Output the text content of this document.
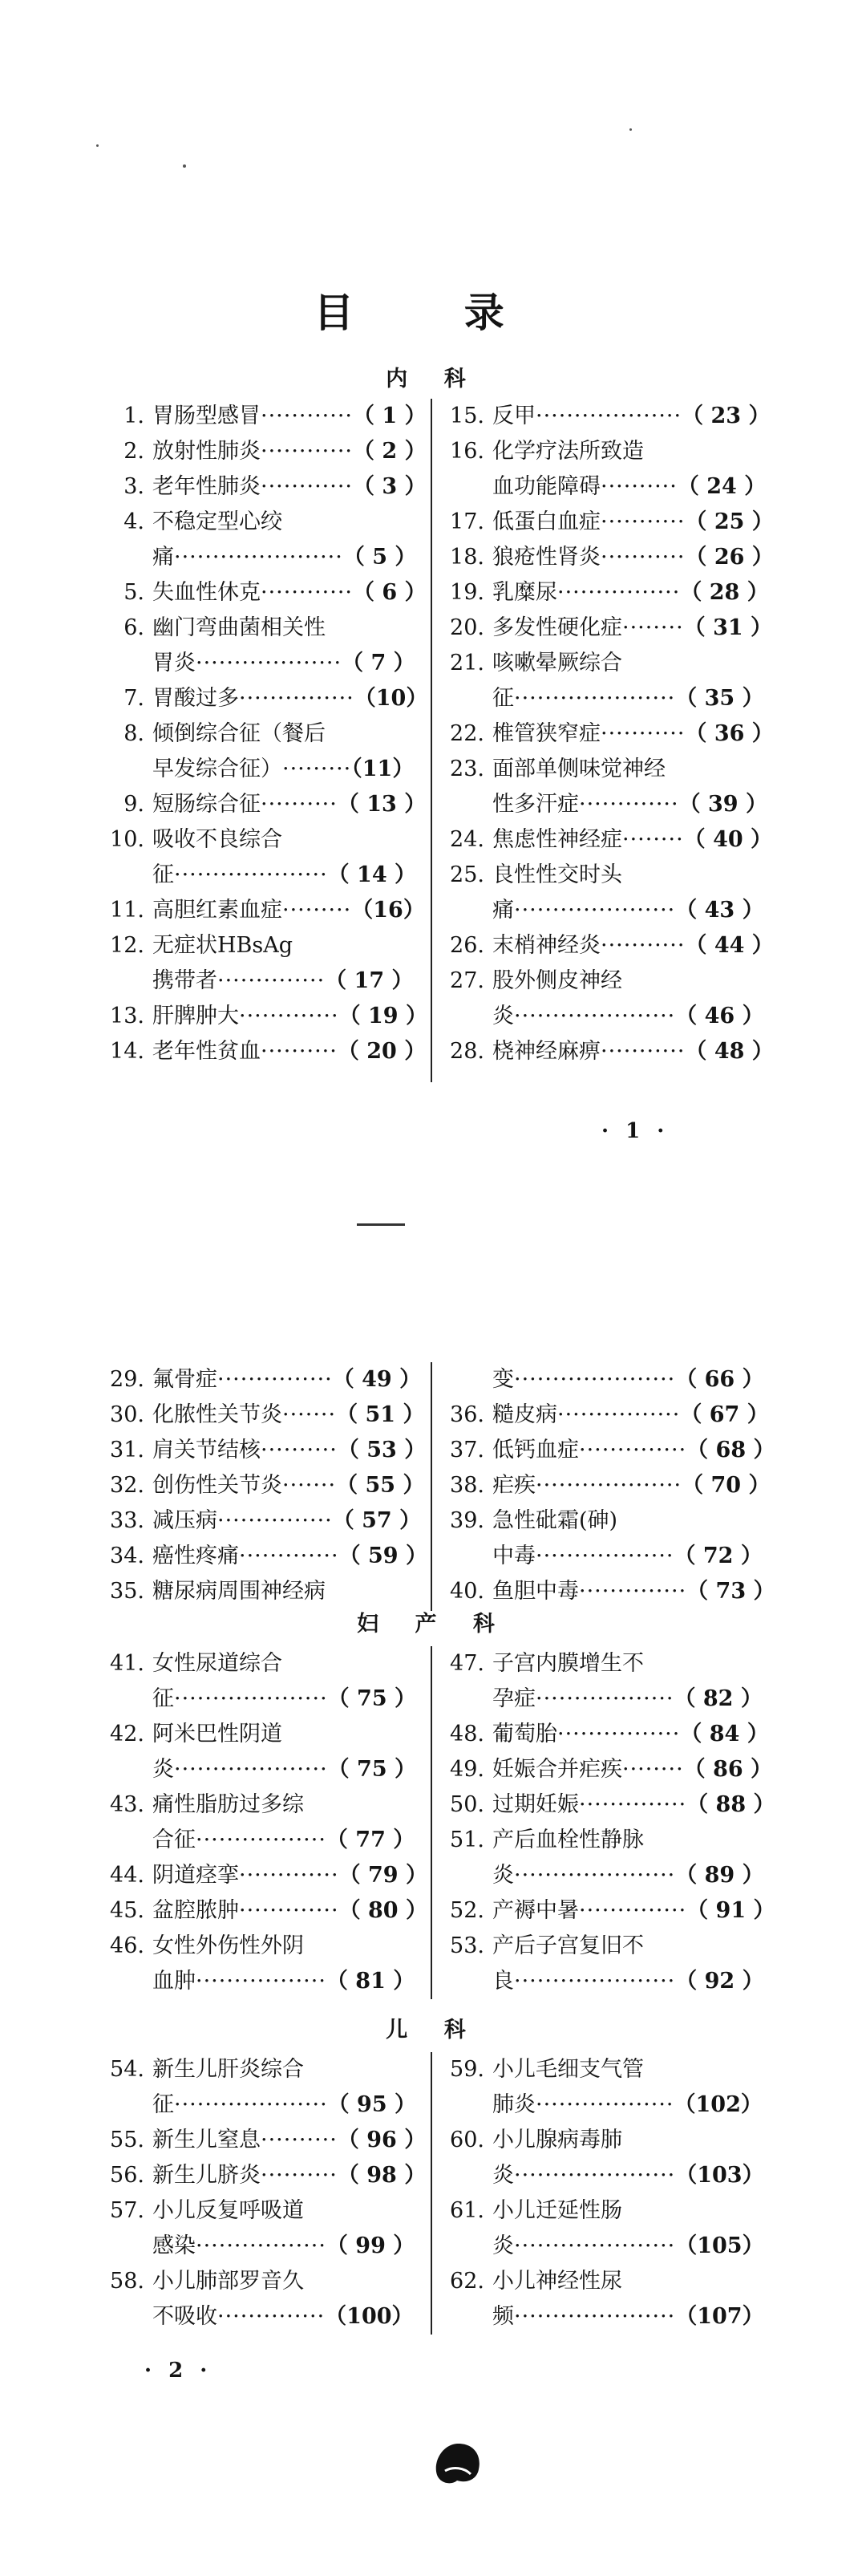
目 录
内 科
1. 胃肠型感冒············（ 1 ）
2. 放射性肺炎············（ 2 ）
3. 老年性肺炎············（ 3 ）
4. 不稳定型心绞
痛······················（ 5 ）
5. 失血性休克············（ 6 ）
6. 幽门弯曲菌相关性
胃炎···················（ 7 ）
7. 胃酸过多···············（10）
8. 倾倒综合征（餐后
早发综合征）·········（11）
9. 短肠综合征··········（ 13 ）
10. 吸收不良综合
征····················（ 14 ）
11. 高胆红素血症·········（16）
12. 无症状HBsAg
携带者··············（ 17 ）
13. 肝脾肿大·············（ 19 ）
14. 老年性贫血··········（ 20 ）
15. 反甲···················（ 23 ）
16. 化学疗法所致造
血功能障碍··········（ 24 ）
17. 低蛋白血症···········（ 25 ）
18. 狼疮性肾炎···········（ 26 ）
19. 乳糜尿················（ 28 ）
20. 多发性硬化症········（ 31 ）
21. 咳嗽晕厥综合
征·····················（ 35 ）
22. 椎管狭窄症···········（ 36 ）
23. 面部单侧味觉神经
性多汗症·············（ 39 ）
24. 焦虑性神经症········（ 40 ）
25. 良性性交时头
痛·····················（ 43 ）
26. 末梢神经炎···········（ 44 ）
27. 股外侧皮神经
炎·····················（ 46 ）
28. 桡神经麻痹···········（ 48 ）
· 1 ·
29. 氟骨症···············（ 49 ）
30. 化脓性关节炎·······（ 51 ）
31. 肩关节结核··········（ 53 ）
32. 创伤性关节炎·······（ 55 ）
33. 减压病···············（ 57 ）
34. 癌性疼痛·············（ 59 ）
35. 糖尿病周围神经病
变·····················（ 66 ）
36. 糙皮病················（ 67 ）
37. 低钙血症··············（ 68 ）
38. 疟疾···················（ 70 ）
39. 急性砒霜(砷)
中毒··················（ 72 ）
40. 鱼胆中毒··············（ 73 ）
妇 产 科
41. 女性尿道综合
征····················（ 75 ）
42. 阿米巴性阴道
炎····················（ 75 ）
43. 痛性脂肪过多综
合征·················（ 77 ）
44. 阴道痉挛·············（ 79 ）
45. 盆腔脓肿·············（ 80 ）
46. 女性外伤性外阴
血肿·················（ 81 ）
47. 子宫内膜增生不
孕症··················（ 82 ）
48. 葡萄胎················（ 84 ）
49. 妊娠合并疟疾········（ 86 ）
50. 过期妊娠··············（ 88 ）
51. 产后血栓性静脉
炎·····················（ 89 ）
52. 产褥中暑··············（ 91 ）
53. 产后子宫复旧不
良·····················（ 92 ）
儿 科
54. 新生儿肝炎综合
征····················（ 95 ）
55. 新生儿窒息··········（ 96 ）
56. 新生儿脐炎··········（ 98 ）
57. 小儿反复呼吸道
感染·················（ 99 ）
58. 小儿肺部罗音久
不吸收··············（100）
59. 小儿毛细支气管
肺炎··················（102）
60. 小儿腺病毒肺
炎·····················（103）
61. 小儿迁延性肠
炎·····················（105）
62. 小儿神经性尿
频·····················（107）
· 2 ·
